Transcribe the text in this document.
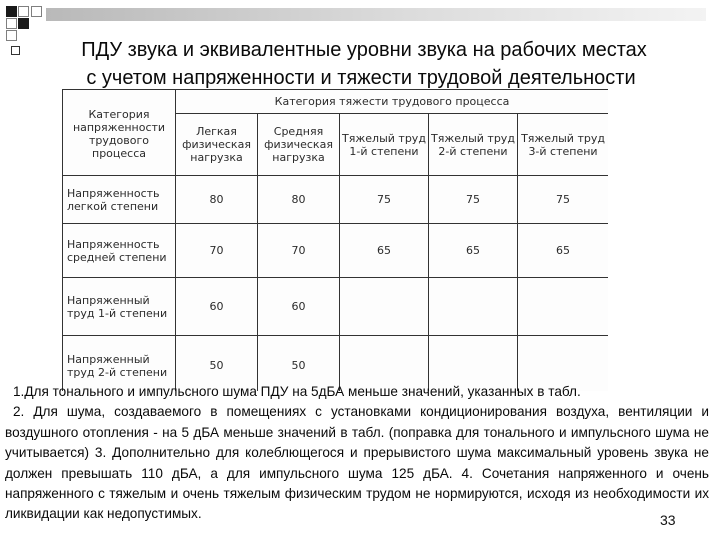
ПДУ звука и эквивалентные уровни звука на рабочих местах
с учетом напряженности и тяжести трудовой деятельности
Категория напряженности трудового процесса	Категория тяжести трудового процесса				
	Легкая физическая нагрузка	Средняя физическая нагрузка	Тяжелый труд 1-й степени	Тяжелый труд 2-й степени	Тяжелый труд 3-й степени
Напряженность легкой степени	80	80	75	75	75
Напряженность средней степени	70	70	65	65	65
Напряженный труд 1-й степени	60	60			
Напряженный труд 2-й степени	50	50			

1.Для тонального и импульсного шума ПДУ на 5дБА меньше значений, указанных в табл.

2. Для шума, создаваемого в помещениях с установками кондиционирования воздуха, вентиляции и воздушного отопления - на 5 дБА меньше значений в табл. (поправка для тонального и импульсного шума не учитывается) 3. Дополнительно для колеблющегося и прерывистого шума максимальный уровень звука не должен превышать 110 дБА, а для импульсного шума 125 дБА. 4. Сочетания напряженного и очень напряженного с тяжелым и очень тяжелым физическим трудом не нормируются, исходя из необходимости их ликвидации как недопустимых.	33
